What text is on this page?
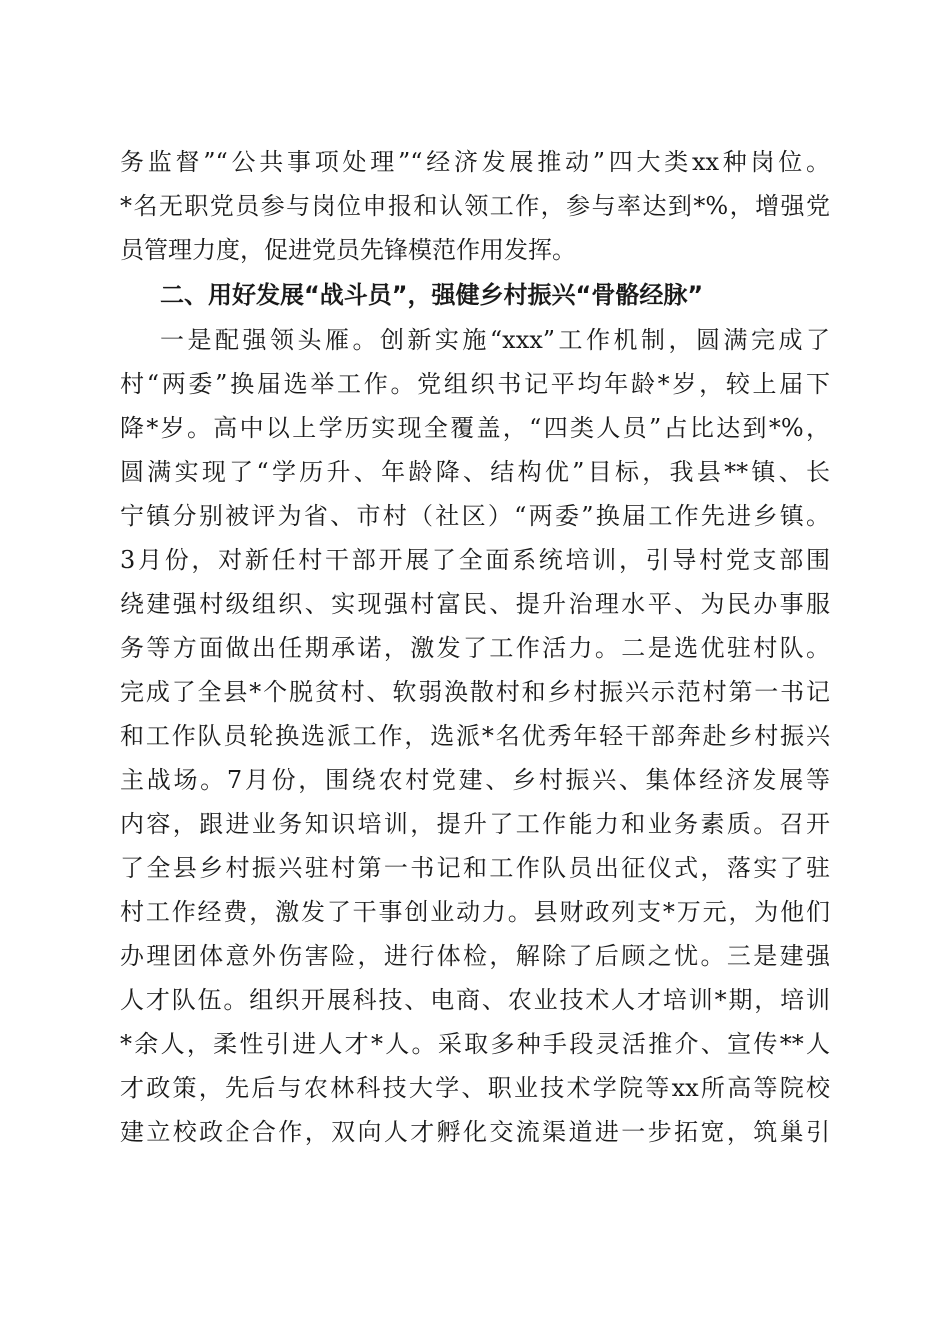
务监督”“公共事项处理”“经济发展推动”四大类xx种岗位。
*名无职党员参与岗位申报和认领工作，参与率达到*%，增强党
员管理力度，促进党员先锋模范作用发挥。
二、用好发展“战斗员”，强健乡村振兴“骨骼经脉”
一是配强领头雁。创新实施“xxx”工作机制，圆满完成了
村“两委”换届选举工作。党组织书记平均年龄*岁，较上届下
降*岁。高中以上学历实现全覆盖，“四类人员”占比达到*%，
圆满实现了“学历升、年龄降、结构优”目标，我县**镇、长
宁镇分别被评为省、市村（社区）“两委”换届工作先进乡镇。
3月份，对新任村干部开展了全面系统培训，引导村党支部围
绕建强村级组织、实现强村富民、提升治理水平、为民办事服
务等方面做出任期承诺，激发了工作活力。二是选优驻村队。
完成了全县*个脱贫村、软弱涣散村和乡村振兴示范村第一书记
和工作队员轮换选派工作，选派*名优秀年轻干部奔赴乡村振兴
主战场。7月份，围绕农村党建、乡村振兴、集体经济发展等
内容，跟进业务知识培训，提升了工作能力和业务素质。召开
了全县乡村振兴驻村第一书记和工作队员出征仪式，落实了驻
村工作经费，激发了干事创业动力。县财政列支*万元，为他们
办理团体意外伤害险，进行体检，解除了后顾之忧。三是建强
人才队伍。组织开展科技、电商、农业技术人才培训*期，培训
*余人，柔性引进人才*人。采取多种手段灵活推介、宣传**人
才政策，先后与农林科技大学、职业技术学院等xx所高等院校
建立校政企合作，双向人才孵化交流渠道进一步拓宽，筑巢引
